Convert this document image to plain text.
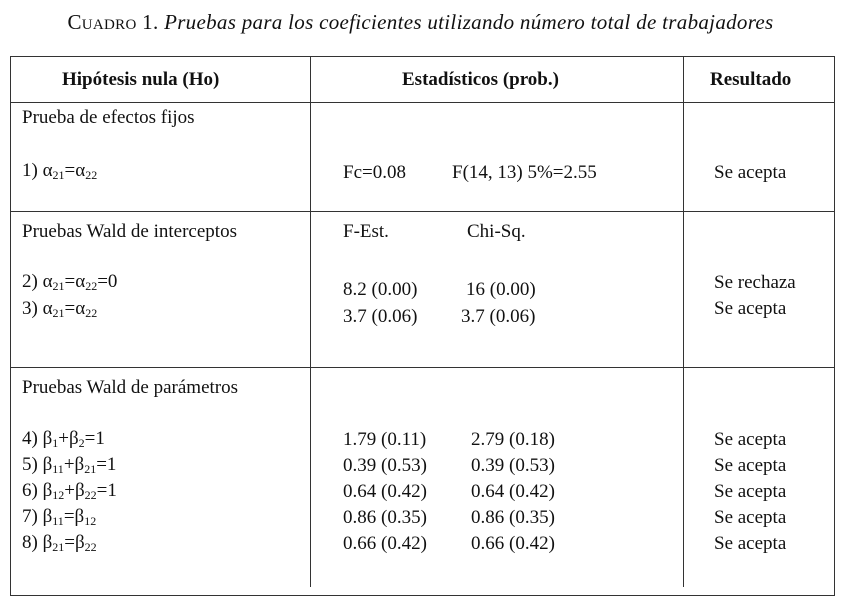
Cuadro 1. Pruebas para los coeficientes utilizando número total de trabajadores
Hipótesis nula (Ho)	Estadísticos (prob.)	Resultado
Prueba de efectos fijos
1) $\alpha_{21}=\alpha_{22}$	Fc=0.08 F(14, 13) 5%=2.55	Se acepta
Pruebas Wald de interceptos	F-Est.	Chi-Sq.
2) $\alpha_{21}=\alpha_{22}=0$	8.2 (0.00)	16 (0.00)	Se rechaza
3) $\alpha_{21}=\alpha_{22}$	3.7 (0.06) 3.7 (0.06)	Se acepta
Pruebas Wald de parámetros
4) $\beta_1+\beta_2=1$	1.79 (0.11) 2.79 (0.18)	Se acepta
5) $\beta_{11}+\beta_{21}=1$	0.39 (0.53) 0.39 (0.53)	Se acepta
6) $\beta_{12}+\beta_{22}=1$	0.64 (0.42) 0.64 (0.42)	Se acepta
7) $\beta_{11}=\beta_{12}$	0.86 (0.35) 0.86 (0.35)	Se acepta
8) $\beta_{21}=\beta_{22}$	0.66 (0.42) 0.66 (0.42)	Se acepta
